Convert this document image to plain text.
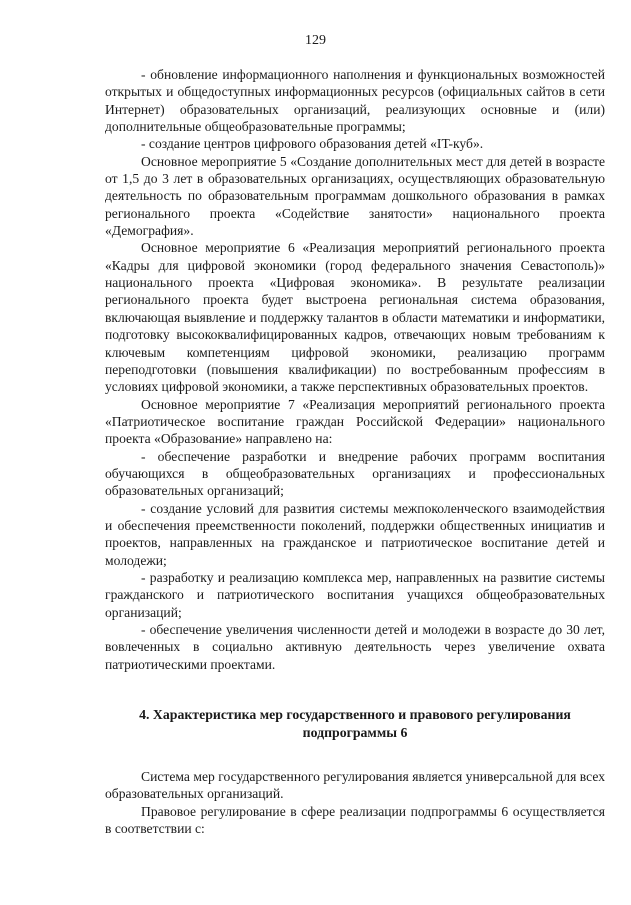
129

- обновление информационного наполнения и функциональных возможностей открытых и общедоступных информационных ресурсов (официальных сайтов в сети Интернет) образовательных организаций, реализующих основные и (или) дополнительные общеобразовательные программы;

- создание центров цифрового образования детей «IT-куб».

Основное мероприятие 5 «Создание дополнительных мест для детей в возрасте от 1,5 до 3 лет в образовательных организациях, осуществляющих образовательную деятельность по образовательным программам дошкольного образования в рамках регионального проекта «Содействие занятости» национального проекта «Демография».

Основное мероприятие 6 «Реализация мероприятий регионального проекта «Кадры для цифровой экономики (город федерального значения Севастополь)» национального проекта «Цифровая экономика». В результате реализации регионального проекта будет выстроена региональная система образования, включающая выявление и поддержку талантов в области математики и информатики, подготовку высококвалифицированных кадров, отвечающих новым требованиям к ключевым компетенциям цифровой экономики, реализацию программ переподготовки (повышения квалификации) по востребованным профессиям в условиях цифровой экономики, а также перспективных образовательных проектов.

Основное мероприятие 7 «Реализация мероприятий регионального проекта «Патриотическое воспитание граждан Российской Федерации» национального проекта «Образование» направлено на:

- обеспечение разработки и внедрение рабочих программ воспитания обучающихся в общеобразовательных организациях и профессиональных образовательных организаций;

- создание условий для развития системы межпоколенческого взаимодействия и обеспечения преемственности поколений, поддержки общественных инициатив и проектов, направленных на гражданское и патриотическое воспитание детей и молодежи;

- разработку и реализацию комплекса мер, направленных на развитие системы гражданского и патриотического воспитания учащихся общеобразовательных организаций;

- обеспечение увеличения численности детей и молодежи в возрасте до 30 лет, вовлеченных в социально активную деятельность через увеличение охвата патриотическими проектами.

4. Характеристика мер государственного и правового регулирования подпрограммы 6

Система мер государственного регулирования является универсальной для всех образовательных организаций.

Правовое регулирование в сфере реализации подпрограммы 6 осуществляется в соответствии с:
